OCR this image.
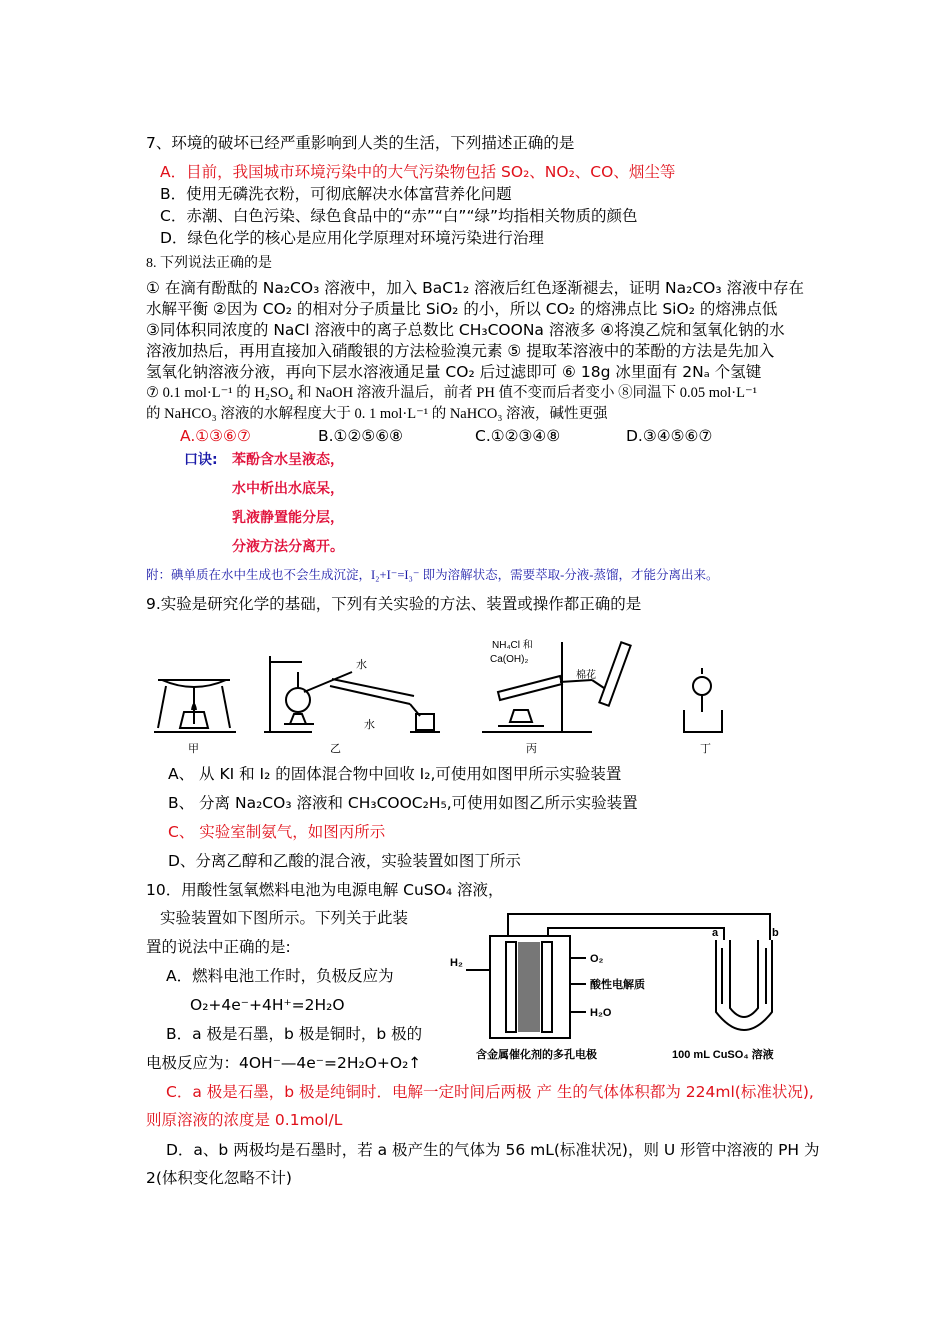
7、环境的破坏已经严重影响到人类的生活，下列描述正确的是
A．目前，我国城市环境污染中的大气污染物包括 SO₂、NO₂、CO、烟尘等
B．使用无磷洗衣粉，可彻底解决水体富营养化问题
C．赤潮、白色污染、绿色食品中的“赤”“白”“绿”均指相关物质的颜色
D．绿色化学的核心是应用化学原理对环境污染进行治理
8. 下列说法正确的是
① 在滴有酚酞的 Na₂CO₃ 溶液中，加入 BaC1₂ 溶液后红色逐渐褪去，证明 Na₂CO₃ 溶液中存在
水解平衡 ②因为 CO₂ 的相对分子质量比 SiO₂ 的小，所以 CO₂ 的熔沸点比 SiO₂ 的熔沸点低
③同体积同浓度的 NaCl 溶液中的离子总数比 CH₃COONa 溶液多 ④将溴乙烷和氢氧化钠的水
溶液加热后，再用直接加入硝酸银的方法检验溴元素 ⑤ 提取苯溶液中的苯酚的方法是先加入
氢氧化钠溶液分液，再向下层水溶液通足量 CO₂ 后过滤即可 ⑥ 18g 冰里面有 2Nₐ 个氢键
⑦ 0.1 mol·L⁻¹ 的 H₂SO₄ 和 NaOH 溶液升温后，前者 PH 值不变而后者变小 ⑧同温下 0.05 mol·L⁻¹
的 NaHCO₃ 溶液的水解程度大于 0. 1 mol·L⁻¹ 的 NaHCO₃ 溶液，碱性更强
A.①③⑥⑦	B.①②⑤⑥⑧	C.①②③④⑧	D.③④⑤⑥⑦
口诀: 苯酚含水呈液态，
水中析出水底呆，
乳液静置能分层，
分液方法分离开。
附：碘单质在水中生成也不会生成沉淀，I₂+I⁻=I₃⁻ 即为溶解状态，需要萃取-分液-蒸馏，才能分离出来。
9.实验是研究化学的基础，下列有关实验的方法、装置或操作都正确的是
甲	乙	丙	丁
水
水
NH₄Cl 和
Ca(OH)₂
棉花
A、 从 KI 和 I₂ 的固体混合物中回收 I₂,可使用如图甲所示实验装置
B、 分离 Na₂CO₃ 溶液和 CH₃COOC₂H₅,可使用如图乙所示实验装置
C、 实验室制氨气，如图丙所示
D、分离乙醇和乙酸的混合液，实验装置如图丁所示
10．用酸性氢氧燃料电池为电源电解 CuSO₄ 溶液，
实验装置如下图所示。下列关于此装
置的说法中正确的是:
A．燃料电池工作时，负极反应为
O₂+4e⁻+4H⁺=2H₂O
B．a 极是石墨，b 极是铜时，b 极的
电极反应为：4OH⁻—4e⁻=2H₂O+O₂↑
H₂	O₂
酸性电解质
H₂O
含金属催化剂的多孔电极
a	b
100 mL CuSO₄ 溶液
C．a 极是石墨，b 极是纯铜时．电解一定时间后两极 产 生的气体体积都为 224ml(标准状况),
则原溶液的浓度是 0.1mol/L
D．a、b 两极均是石墨时，若 a 极产生的气体为 56 mL(标准状况)，则 U 形管中溶液的 PH 为
2(体积变化忽略不计)
